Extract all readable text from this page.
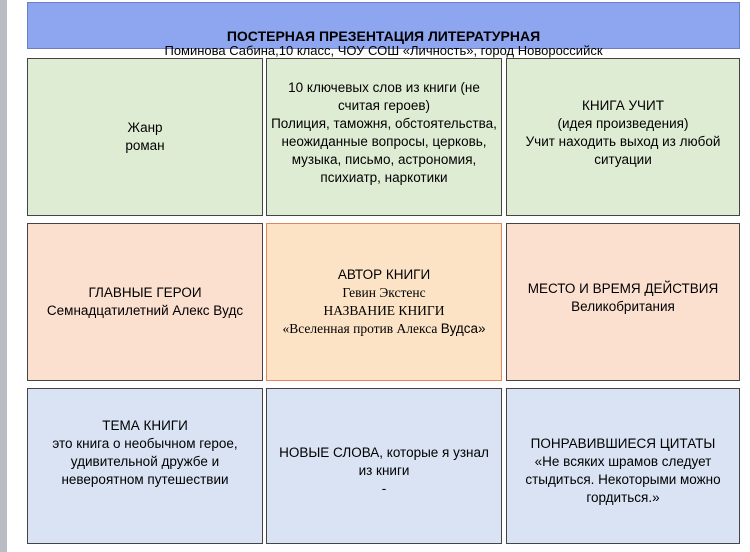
ПОСТЕРНАЯ ПРЕЗЕНТАЦИЯ ЛИТЕРАТУРНАЯ
Поминова Сабина,10 класс, ЧОУ СОШ «Личность», город Новороссийск
Жанр
роман
10 ключевых слов из книги (не считая героев)
Полиция, таможня, обстоятельства, неожиданные вопросы, церковь, музыка, письмо, астрономия, психиатр, наркотики
КНИГА УЧИТ
(идея произведения)
Учит находить выход из любой ситуации
ГЛАВНЫЕ ГЕРОИ
Семнадцатилетний Алекс Вудс
АВТОР КНИГИ
Гевин Экстенс
НАЗВАНИЕ КНИГИ
«Вселенная против Алекса Вудса»
МЕСТО И ВРЕМЯ ДЕЙСТВИЯ
Великобритания
ТЕМА КНИГИ
это книга о необычном герое, удивительной дружбе и невероятном путешествии
НОВЫЕ СЛОВА, которые я узнал из книги
-
ПОНРАВИВШИЕСЯ ЦИТАТЫ
«Не всяких шрамов следует стыдиться. Некоторыми можно гордиться.»
